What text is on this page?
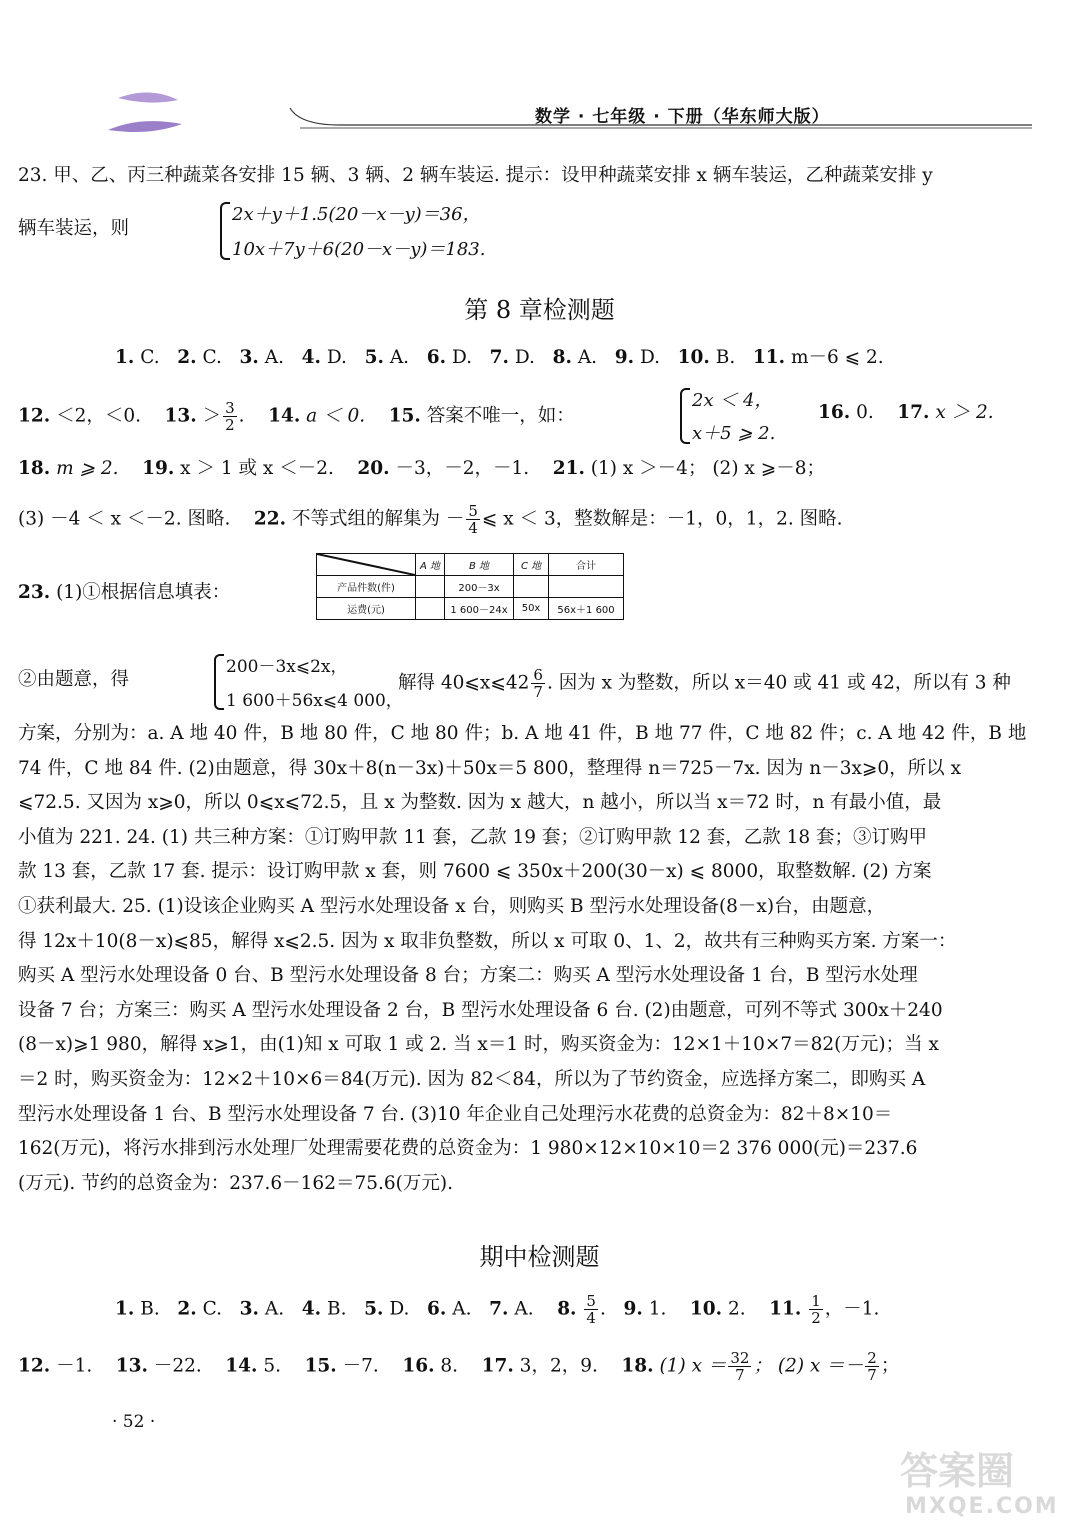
数学 · 七年级 · 下册（华东师大版）
23. 甲、乙、丙三种蔬菜各安排 15 辆、3 辆、2 辆车装运. 提示：设甲种蔬菜安排 x 辆车装运，乙种蔬菜安排 y
辆车装运，则
2x＋y＋1.5(20－x－y)＝36，
10x＋7y＋6(20－x－y)＝183.
第 8 章检测题
1. C. 2. C. 3. A. 4. D. 5. A. 6. D. 7. D. 8. A. 9. D. 10. B. 11. m－6 ⩽ 2.
12. ＜2，＜0. 13. ＞ $\frac{3}{2}$ . 14. a ＜ 0. 15. 答案不唯一，如：
2x ＜ 4，
x＋5 ⩾ 2.
16. 0. 17. x ＞ 2.
18. m ⩾ 2. 19. x ＞ 1 或 x ＜－2. 20. －3，－2，－1. 21. (1) x ＞－4； (2) x ⩾－8；
(3) －4 ＜ x ＜－2. 图略. 22. 不等式组的解集为 － $\frac{5}{4}$ ⩽ x ＜ 3，整数解是：－1，0，1，2. 图略.
23. (1)①根据信息填表：
	A 地	B 地	C 地	合计
产品件数(件)		200－3x		
运费(元)		1 600－24x	50x	56x＋1 600
②由题意，得
200－3x⩽2x，
1 600＋56x⩽4 000，
解得 40⩽x⩽42 $\frac{6}{7}$ . 因为 x 为整数，所以 x＝40 或 41 或 42，所以有 3 种
方案，分别为：a. A 地 40 件，B 地 80 件，C 地 80 件；b. A 地 41 件，B 地 77 件，C 地 82 件；c. A 地 42 件，B 地
74 件，C 地 84 件. (2)由题意，得 30x＋8(n－3x)＋50x＝5 800，整理得 n＝725－7x. 因为 n－3x⩾0，所以 x
⩽72.5. 又因为 x⩾0，所以 0⩽x⩽72.5，且 x 为整数. 因为 x 越大，n 越小，所以当 x＝72 时，n 有最小值，最
小值为 221. 24. (1) 共三种方案：①订购甲款 11 套，乙款 19 套；②订购甲款 12 套，乙款 18 套；③订购甲
款 13 套，乙款 17 套. 提示：设订购甲款 x 套，则 7600 ⩽ 350x＋200(30－x) ⩽ 8000，取整数解. (2) 方案
①获利最大. 25. (1)设该企业购买 A 型污水处理设备 x 台，则购买 B 型污水处理设备(8－x)台，由题意，
得 12x＋10(8－x)⩽85，解得 x⩽2.5. 因为 x 取非负整数，所以 x 可取 0、1、2，故共有三种购买方案. 方案一：
购买 A 型污水处理设备 0 台、B 型污水处理设备 8 台；方案二：购买 A 型污水处理设备 1 台，B 型污水处理
设备 7 台；方案三：购买 A 型污水处理设备 2 台，B 型污水处理设备 6 台. (2)由题意，可列不等式 300x＋240
(8－x)⩾1 980，解得 x⩾1，由(1)知 x 可取 1 或 2. 当 x＝1 时，购买资金为：12×1＋10×7＝82(万元)；当 x
＝2 时，购买资金为：12×2＋10×6＝84(万元). 因为 82＜84，所以为了节约资金，应选择方案二，即购买 A
型污水处理设备 1 台、B 型污水处理设备 7 台. (3)10 年企业自己处理污水花费的总资金为：82＋8×10＝
162(万元)，将污水排到污水处理厂处理需要花费的总资金为：1 980×12×10×10＝2 376 000(元)＝237.6
(万元). 节约的总资金为：237.6－162＝75.6(万元).
期中检测题
1. B. 2. C. 3. A. 4. B. 5. D. 6. A. 7. A. 8. $\frac{5}{4}$ .   9. 1. 10. 2. 11. $\frac{1}{2}$ ，－1.
12. －1. 13. －22. 14. 5. 15. －7. 16. 8. 17. 3，2，9. 18. (1) $x = \frac{32}{7}$ ； (2) $x =- \frac{2}{7}$ ；
· 52 ·
答案圈
MXQE.COM
